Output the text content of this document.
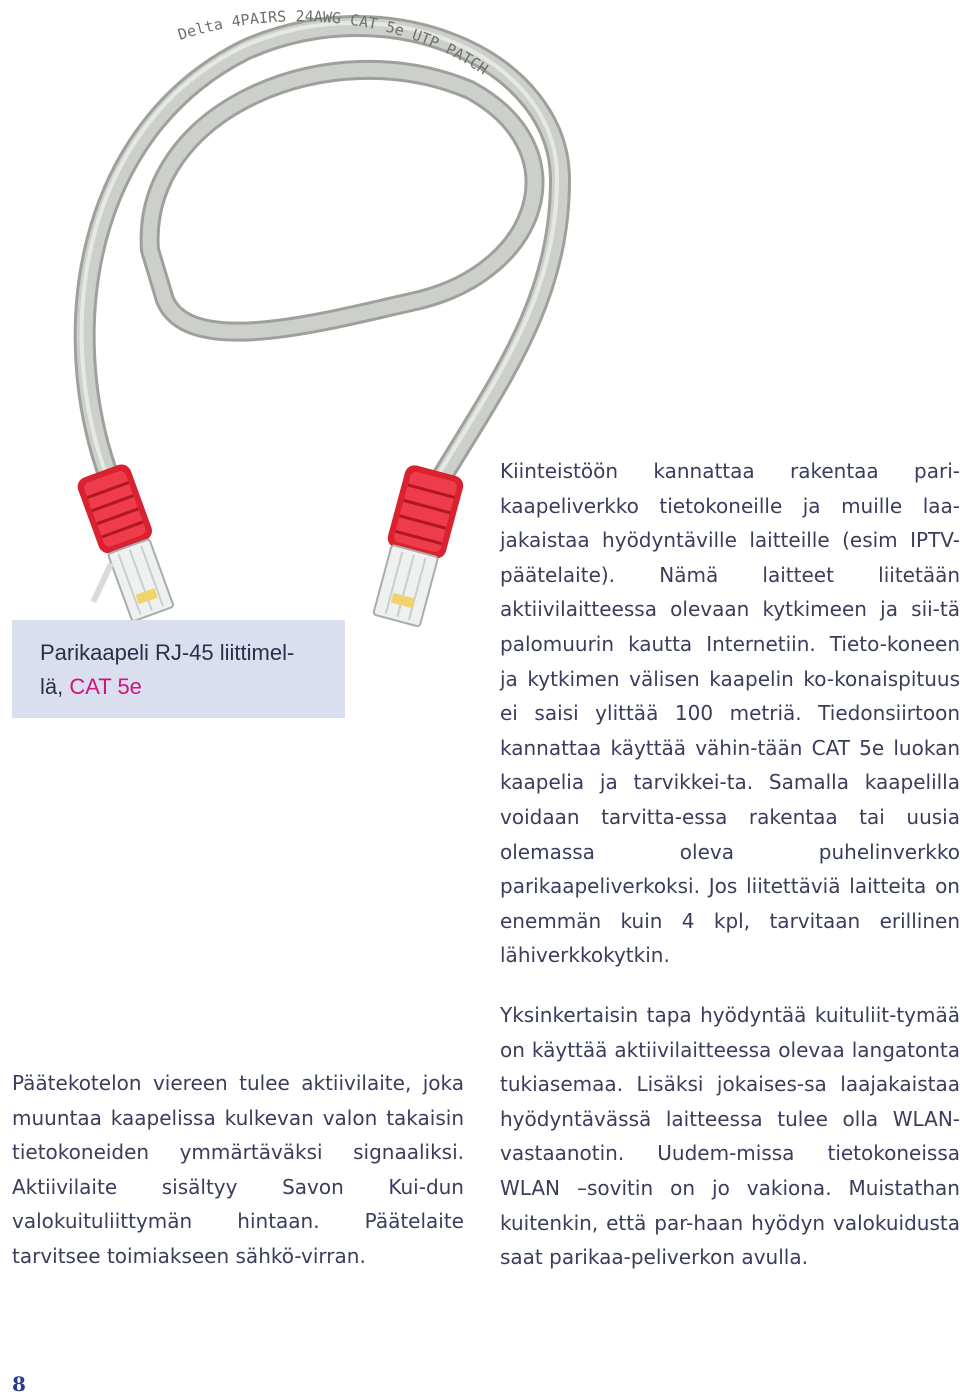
Delta 4PAIRS 24AWG CAT 5e UTP PATCH
Parikaapeli RJ-45 liittimel-
lä, CAT 5e

Kiinteistöön kannattaa rakentaa pari-kaapeliverkko tietokoneille ja muille laa-jakaistaa hyödyntäville laitteille (esim IPTV-päätelaite). Nämä laitteet liitetään aktiivilaitteessa olevaan kytkimeen ja sii-tä palomuurin kautta Internetiin. Tieto-koneen ja kytkimen välisen kaapelin ko-konaispituus ei saisi ylittää 100 metriä. Tiedonsiirtoon kannattaa käyttää vähin-tään CAT 5e luokan kaapelia ja tarvikkei-ta. Samalla kaapelilla voidaan tarvitta-essa rakentaa tai uusia olemassa oleva puhelinverkko parikaapeliverkoksi. Jos liitettäviä laitteita on enemmän kuin 4 kpl, tarvitaan erillinen lähiverkkokytkin.

Yksinkertaisin tapa hyödyntää kuituliit-tymää on käyttää aktiivilaitteessa olevaa langatonta tukiasemaa. Lisäksi jokaises-sa laajakaistaa hyödyntävässä laitteessa tulee olla WLAN-vastaanotin. Uudem-missa tietokoneissa WLAN –sovitin on jo vakiona. Muistathan kuitenkin, että par-haan hyödyn valokuidusta saat parikaa-peliverkon avulla.

Päätekotelon viereen tulee aktiivilaite, joka muuntaa kaapelissa kulkevan valon takaisin tietokoneiden ymmärtäväksi signaaliksi. Aktiivilaite sisältyy Savon Kui-dun valokuituliittymän hintaan. Päätelaite tarvitsee toimiakseen sähkö-virran.

8
